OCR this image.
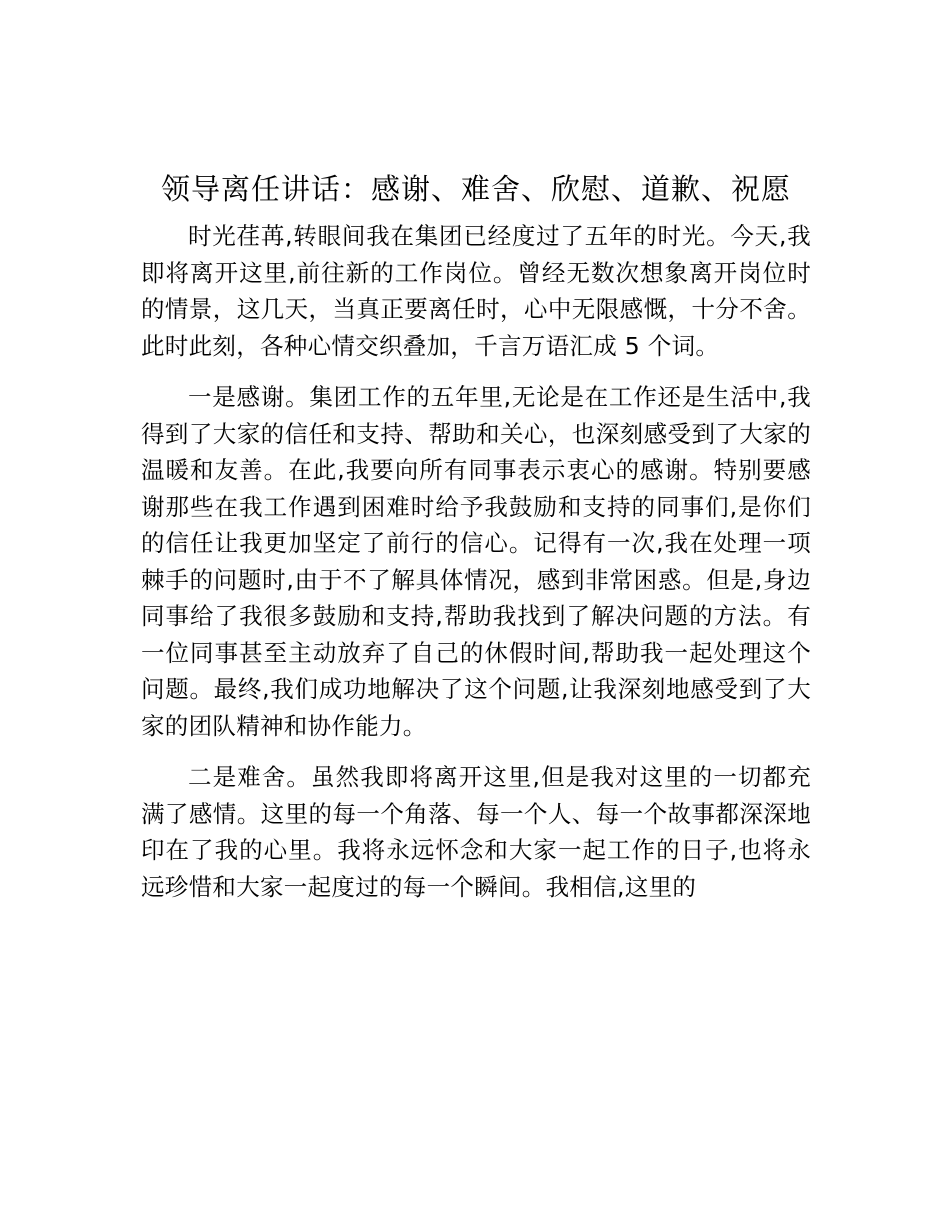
领导离任讲话：感谢、难舍、欣慰、道歉、祝愿

时光荏苒,转眼间我在集团已经度过了五年的时光。今天,我即将离开这里,前往新的工作岗位。曾经无数次想象离开岗位时的情景，这几天，当真正要离任时，心中无限感慨，十分不舍。此时此刻，各种心情交织叠加，千言万语汇成 5 个词。

一是感谢。集团工作的五年里,无论是在工作还是生活中,我得到了大家的信任和支持、帮助和关心，也深刻感受到了大家的温暖和友善。在此,我要向所有同事表示衷心的感谢。特别要感谢那些在我工作遇到困难时给予我鼓励和支持的同事们,是你们的信任让我更加坚定了前行的信心。记得有一次,我在处理一项棘手的问题时,由于不了解具体情况，感到非常困惑。但是,身边同事给了我很多鼓励和支持,帮助我找到了解决问题的方法。有一位同事甚至主动放弃了自己的休假时间,帮助我一起处理这个问题。最终,我们成功地解决了这个问题,让我深刻地感受到了大家的团队精神和协作能力。

二是难舍。虽然我即将离开这里,但是我对这里的一切都充满了感情。这里的每一个角落、每一个人、每一个故事都深深地印在了我的心里。我将永远怀念和大家一起工作的日子,也将永远珍惜和大家一起度过的每一个瞬间。我相信,这里的
